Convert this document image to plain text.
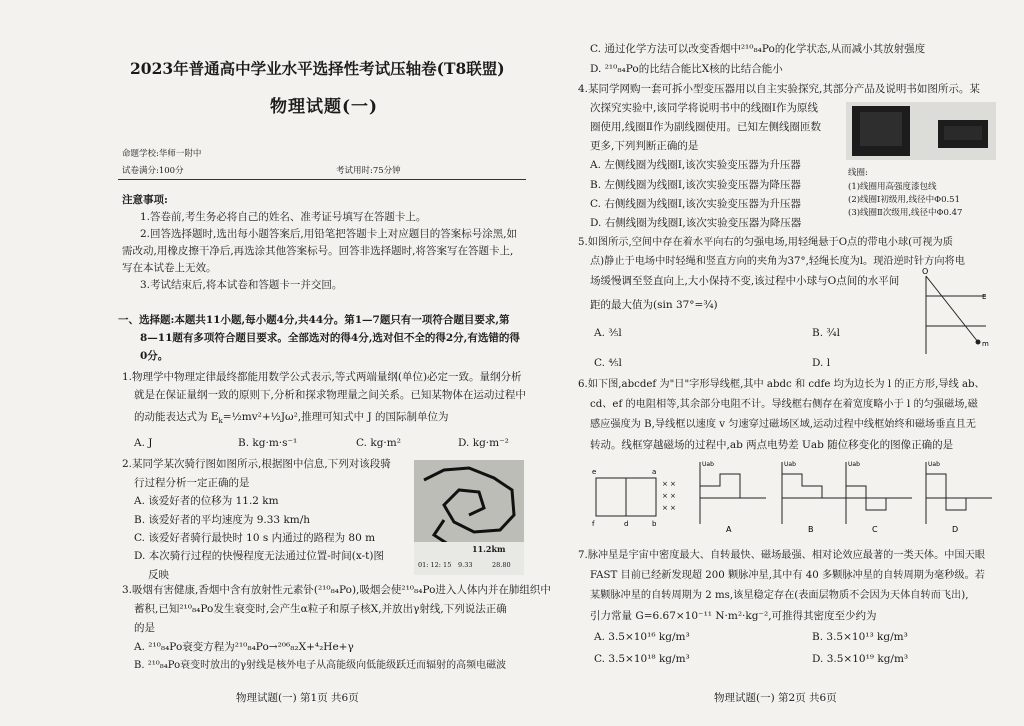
2023年普通高中学业水平选择性考试压轴卷(T8联盟)
物理试题(一)
命题学校:华师一附中
试卷满分:100分	考试用时:75分钟
注意事项:
1.答卷前,考生务必将自己的姓名、准考证号填写在答题卡上。
2.回答选择题时,选出每小题答案后,用铅笔把答题卡上对应题目的答案标号涂黑,如
需改动,用橡皮擦干净后,再选涂其他答案标号。回答非选择题时,将答案写在答题卡上,
写在本试卷上无效。
3.考试结束后,将本试卷和答题卡一并交回。
一、选择题:本题共11小题,每小题4分,共44分。第1—7题只有一项符合题目要求,第
8—11题有多项符合题目要求。全部选对的得4分,选对但不全的得2分,有选错的得
0分。
1.物理学中物理定律最终都能用数学公式表示,等式两端量纲(单位)必定一致。量纲分析
就是在保证量纲一致的原则下,分析和探求物理量之间关系。已知某物体在运动过程中
的动能表达式为 $E_k=\frac{1}{2}mv^2+\frac{1}{2}J\omega^2$,推理可知式中 J 的国际制单位为
A. J	B. kg·m·s⁻¹	C. kg·m²	D. kg·m⁻²
2.某同学某次骑行图如图所示,根据图中信息,下列对该段骑
行过程分析一定正确的是
A. 该爱好者的位移为 11.2 km
B. 该爱好者的平均速度为 9.33 km/h
C. 该爱好者骑行最快时 10 s 内通过的路程为 80 m
D. 本次骑行过程的快慢程度无法通过位置-时间(x-t)图
反映
11.2km
01: 12: 15 9.33	28.80
3.吸烟有害健康,香烟中含有放射性元素钋(²¹⁰₈₄Po),吸烟会使²¹⁰₈₄Po进入人体内并在肺组织中
蓄积,已知²¹⁰₈₄Po发生衰变时,会产生α粒子和原子核X,并放出γ射线,下列说法正确
的是
A. ²¹⁰₈₄Po衰变方程为²¹⁰₈₄Po→²⁰⁶₈₂X+⁴₂He+γ
B. ²¹⁰₈₄Po衰变时放出的γ射线是核外电子从高能级向低能级跃迁而辐射的高频电磁波
物理试题(一) 第1页 共6页
C. 通过化学方法可以改变香烟中²¹⁰₈₄Po的化学状态,从而减小其放射强度
D. ²¹⁰₈₄Po的比结合能比X核的比结合能小
4.某同学网购一套可拆小型变压器用以自主实验探究,其部分产品及说明书如图所示。某
次探究实验中,该同学将说明书中的线圈Ⅰ作为原线
圈使用,线圈Ⅱ作为副线圈使用。已知左侧线圈匝数
更多,下列判断正确的是
A. 左侧线圈为线圈Ⅰ,该次实验变压器为升压器
B. 左侧线圈为线圈Ⅰ,该次实验变压器为降压器
C. 右侧线圈为线圈Ⅰ,该次实验变压器为升压器
D. 右侧线圈为线圈Ⅰ,该次实验变压器为降压器
线圈:
(1)线圈用高强度漆包线
(2)线圈Ⅰ初级用,线径中Φ0.51
(3)线圈Ⅱ次级用,线径中Φ0.47
5.如图所示,空间中存在着水平向右的匀强电场,用轻绳悬于O点的带电小球(可视为质
点)静止于电场中时轻绳和竖直方向的夹角为37°,轻绳长度为l。现沿逆时针方向将电
场缓慢调至竖直向上,大小保持不变,该过程中小球与O点间的水平间
距的最大值为(sin 37°=¾)
A. ⅗l	B. ¾l
C. ⅘l	D. l
O
E
m
6.如下图,abcdef 为"日"字形导线框,其中 abdc 和 cdfe 均为边长为 l 的正方形,导线 ab、
cd、ef 的电阻相等,其余部分电阻不计。导线框右侧存在着宽度略小于 l 的匀强磁场,磁
感应强度为 B,导线框以速度 v 匀速穿过磁场区域,运动过程中线框始终和磁场垂直且无
转动。线框穿越磁场的过程中,ab 两点电势差 Uab 随位移变化的图像正确的是
e	a
f	d	b
× ×
× ×
× ×
Uab
A
Uab
B
Uab
C
Uab
D
7.脉冲星是宇宙中密度最大、自转最快、磁场最强、相对论效应最著的一类天体。中国天眼
FAST 目前已经新发现超 200 颗脉冲星,其中有 40 多颗脉冲星的自转周期为毫秒级。若
某颗脉冲星的自转周期为 2 ms,该星稳定存在(表面层物质不会因为天体自转而飞出),
引力常量 G=6.67×10⁻¹¹ N·m²·kg⁻²,可推得其密度至少约为
A. 3.5×10¹⁶ kg/m³	B. 3.5×10¹³ kg/m³
C. 3.5×10¹⁸ kg/m³	D. 3.5×10¹⁹ kg/m³
物理试题(一) 第2页 共6页
